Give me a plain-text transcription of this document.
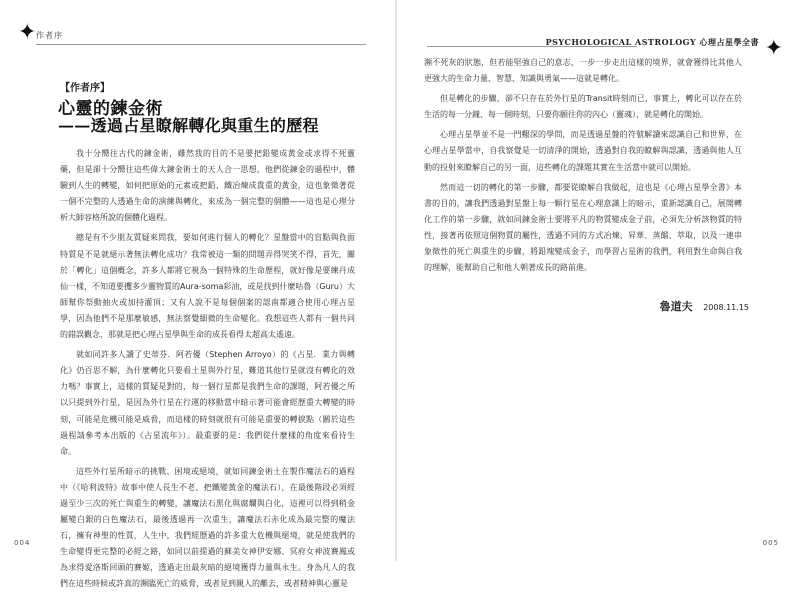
✦ 作者序
【作者序】
心靈的鍊金術
——透過占星瞭解轉化與重生的歷程

我十分嚮往古代的鍊金術，雖然我的目的不是要把鉛變成黃金或求得不死靈藥，但是卻十分嚮往這些偉大鍊金術士的天人合一思想，他們從鍊金的過程中，體驗到人生的轉變，如何把原始的元素或把鉛、鐵冶煉成貴重的黃金，這也象徵著從一個不完整的人透過生命的演練與轉化，來成為一個完整的個體——這也是心理分析大師容格所說的個體化過程。

總是有不少朋友質疑來問我，要如何進行個人的轉化？星盤當中的盲點與負面特質是不是就絕示著無法轉化成功？我常被這一類的問題弄得哭笑不得，首先，關於「轉化」這個概念，許多人都將它視為一個特殊的生命歷程，就好像是要練丹成仙一樣，不知道要攫多少靈物質的Aura-soma彩油，或是找到什麼咕魯（Guru）大師幫你祭動抽火或加持灌頂；又有人說不是每個個案的認南都適合使用心理占星學，因為他們不是那麼敏感，無法察覺細微的生命變化。我想這些人都有一個共同的錯誤觀念，那就是把心理占星學與生命的成長看得太超高太遙遠。

就如同許多人讀了史蒂芬．阿若優（Stephen Arroyo）的《占星．業力與轉化》仍百思不解，為什麼轉化只要看土星與外行星，難道其他行星就沒有轉化的效力嗎？事實上，這樣的質疑是對的，每一個行星都是我們生命的課題，阿若優之所以只提到外行星，是因為外行星在行運的移動當中暗示著可能會經歷重大轉變的時刻，可能是危機可能是威脅，而這樣的時刻就很有可能是重要的轉捩點（關於這些過程請參考本出版的《占星流年》）。最重要的是：我們從什麼樣的角度來看待生命。

這些外行星所暗示的挑戰、困境或絕境，就如同鍊金術士在製作魔法石的過程中（《哈利波特》故事中使人長生不老、把鐵變黃金的魔法石），在最後階段必須經過至少三次的死亡與重生的轉變，讓魔法石黑化與腐爛與白化，這裡可以得到稍金屬變白銀的白色魔法石，最後透過再一次重生，讓魔法石赤化成為最完整的魔法石，擁有神聖的性質，人生中，我們經歷過的許多重大危機與絕境，就是使我們的生命變得更完整的必經之路，如同以前提過的蘇美女神伊安娜、冥府女神波賽鳳或為求得愛洛斯回頭的賽姬，透過走出最灰暗的絕境獲得力量與永生。身為凡人的我們在這些時候或許真的瀕臨死亡的威脅，或者見到親人的離去，或者精神與心靈是

004
PSYCHOLOGICAL ASTROLOGY 心理占星學全書 ✦

瀕不死灰的狀態，但若能堅強自己的意志，一步一步走出這樣的境界，就會獲得比其他人更強大的生命力量、智慧、知識與勇氣——這就是轉化。

但是轉化的步驟，卻不只存在於外行星的Transit時刻而已，事實上，轉化可以存在於生活的每一分鐘、每一個時刻，只要你願往你的內心（靈魂），就是轉化的開始。

心理占星學並不是一門艱深的學問，而是透過星盤的符號解讀來認識自己和世界，在心理占星學當中，自我察覺是一切清淨的開始，透過對自我的瞭解與認識，透過與他人互動的投射來瞭解自己的另一面，這些轉化的課題其實在生活當中就可以開始。

然而這一切的轉化的第一步驟，都要從瞭解自我做起，這也是《心理占星學全書》本書的目的，讓我們透過對星盤上每一顆行星在心理意識上的暗示，重新認識自己，展開轉化工作的第一步驟，就如同鍊金術士要將平凡的物質變成金子前，必須先分析該物質的特性，接著再依照這個物質的屬性，透過不同的方式冶煉、昇華、蒸餾、萃取，以及一連串象徵性的死亡與重生的步驟，將鉛塊變成金子，而學習占星術的我們，利用對生命與自我的理解，能幫助自己和他人朝著成長的路前進。

魯道夫 2008.11.15
005
